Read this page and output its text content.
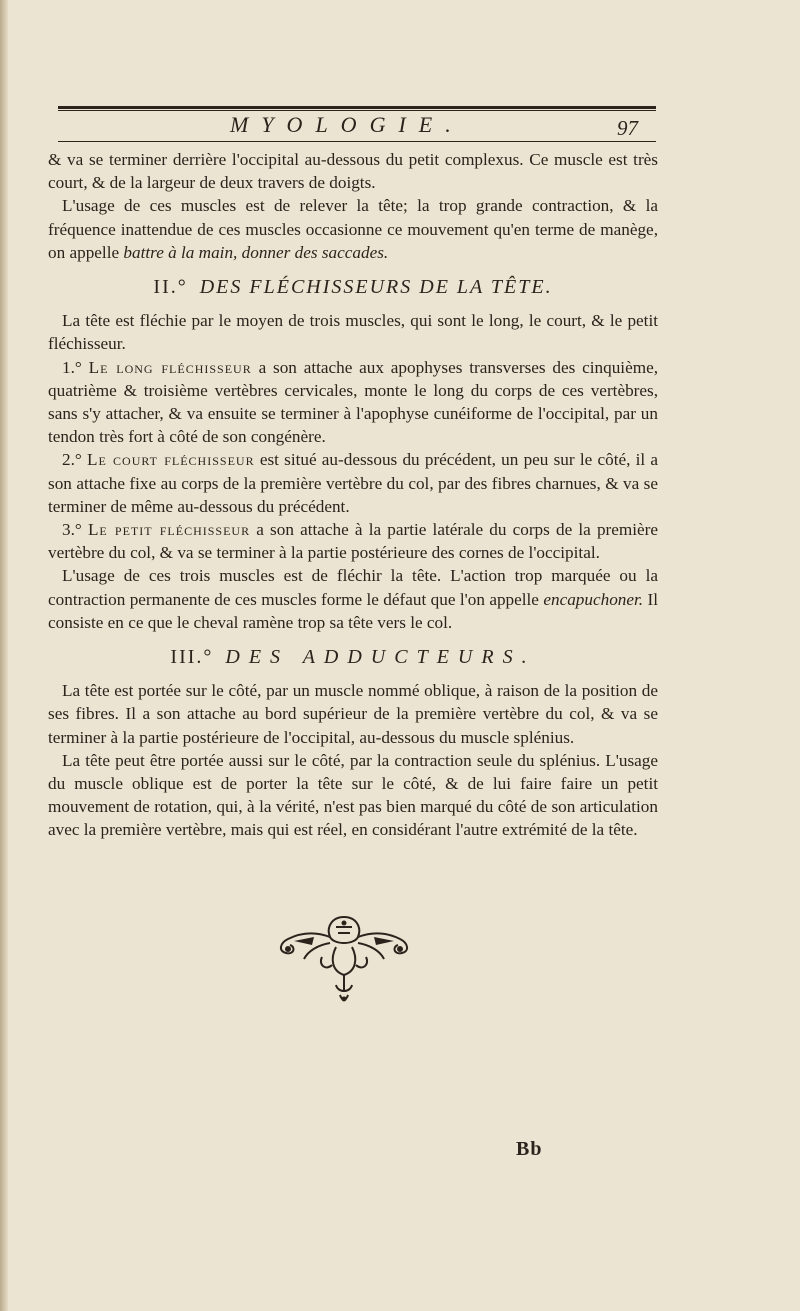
MYOLOGIE.	97

& va se terminer derrière l'occipital au-dessous du petit complexus. Ce muscle est très court, & de la largeur de deux travers de doigts.

L'usage de ces muscles est de relever la tête; la trop grande contraction, & la fréquence inattendue de ces muscles occasionne ce mouvement qu'en terme de manège, on appelle battre à la main, donner des saccades.

II.° DES FLÉCHISSEURS DE LA TÊTE.

La tête est fléchie par le moyen de trois muscles, qui sont le long, le court, & le petit fléchisseur.

1.° Le long fléchisseur a son attache aux apophyses transverses des cinquième, quatrième & troisième vertèbres cervicales, monte le long du corps de ces vertèbres, sans s'y attacher, & va ensuite se terminer à l'apophyse cunéiforme de l'occipital, par un tendon très fort à côté de son congénère.

2.° Le court fléchisseur est situé au-dessous du précédent, un peu sur le côté, il a son attache fixe au corps de la première vertèbre du col, par des fibres charnues, & va se terminer de même au-dessous du précédent.

3.° Le petit fléchisseur a son attache à la partie latérale du corps de la première vertèbre du col, & va se terminer à la partie postérieure des cornes de l'occipital.

L'usage de ces trois muscles est de fléchir la tête. L'action trop marquée ou la contraction permanente de ces muscles forme le défaut que l'on appelle encapuchoner. Il consiste en ce que le cheval ramène trop sa tête vers le col.

III.° DES ADDUCTEURS.

La tête est portée sur le côté, par un muscle nommé oblique, à raison de la position de ses fibres. Il a son attache au bord supérieur de la première vertèbre du col, & va se terminer à la partie postérieure de l'occipital, au-dessous du muscle splénius.

La tête peut être portée aussi sur le côté, par la contraction seule du splénius. L'usage du muscle oblique est de porter la tête sur le côté, & de lui faire faire un petit mouvement de rotation, qui, à la vérité, n'est pas bien marqué du côté de son articulation avec la première vertèbre, mais qui est réel, en considérant l'autre extrémité de la tête.

Bb
